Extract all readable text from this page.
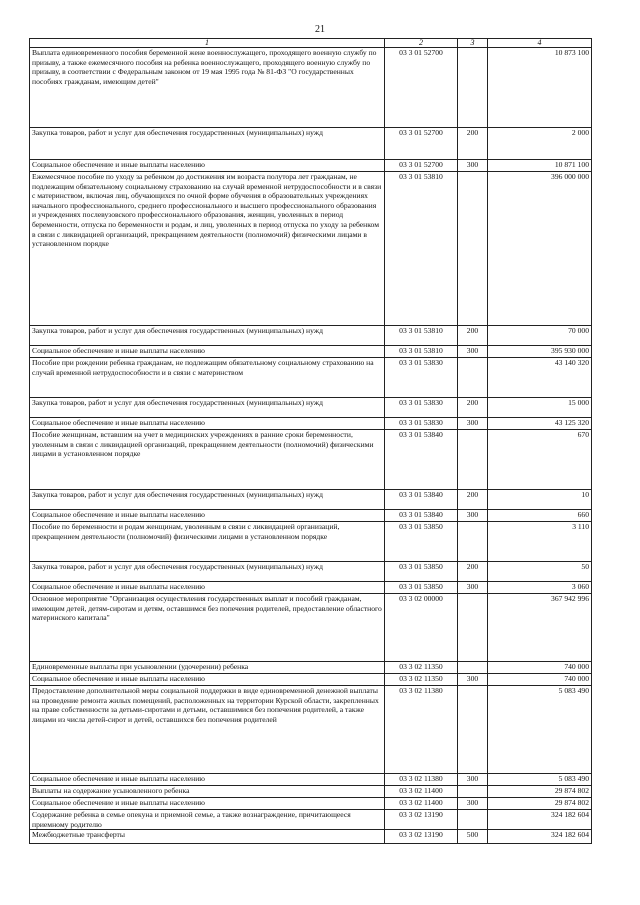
21
1	2	3	4
Выплата единовременного пособия беременной жене военнослужащего, проходящего военную службу по призыву, а также ежемесячного пособия на ребенка военнослужащего, проходящего военную службу по призыву, в соответствии с Федеральным законом от 19 мая 1995 года № 81-ФЗ "О государственных пособиях гражданам, имеющим детей"	03 3 01 52700		10 873 100
Закупка товаров, работ и услуг для обеспечения государственных (муниципальных) нужд	03 3 01 52700	200	2 000
Социальное обеспечение и иные выплаты населению	03 3 01 52700	300	10 871 100
Ежемесячное пособие по уходу за ребенком до достижения им возраста полутора лет гражданам, не подлежащим обязательному социальному страхованию на случай временной нетрудоспособности и в связи с материнством, включая лиц, обучающихся по очной форме обучения в образовательных учреждениях начального профессионального, среднего профессионального и высшего профессионального образования и учреждениях послевузовского профессионального образования, женщин, уволенных в период беременности, отпуска по беременности и родам, и лиц, уволенных в период отпуска по уходу за ребенком в связи с ликвидацией организаций, прекращением деятельности (полномочий) физическими лицами в установленном порядке	03 3 01 53810		396 000 000
Закупка товаров, работ и услуг для обеспечения государственных (муниципальных) нужд	03 3 01 53810	200	70 000
Социальное обеспечение и иные выплаты населению	03 3 01 53810	300	395 930 000
Пособие при рождении ребенка гражданам, не подлежащим обязательному социальному страхованию на случай временной нетрудоспособности и в связи с материнством	03 3 01 53830		43 140 320
Закупка товаров, работ и услуг для обеспечения государственных (муниципальных) нужд	03 3 01 53830	200	15 000
Социальное обеспечение и иные выплаты населению	03 3 01 53830	300	43 125 320
Пособие женщинам, вставшим на учет в медицинских учреждениях в ранние сроки беременности, уволенным в связи с ликвидацией организаций, прекращением деятельности (полномочий) физическими лицами в установленном порядке	03 3 01 53840		670
Закупка товаров, работ и услуг для обеспечения государственных (муниципальных) нужд	03 3 01 53840	200	10
Социальное обеспечение и иные выплаты населению	03 3 01 53840	300	660
Пособие по беременности и родам женщинам, уволенным в связи с ликвидацией организаций, прекращением деятельности (полномочий) физическими лицами в установленном порядке	03 3 01 53850		3 110
Закупка товаров, работ и услуг для обеспечения государственных (муниципальных) нужд	03 3 01 53850	200	50
Социальное обеспечение и иные выплаты населению	03 3 01 53850	300	3 060
Основное мероприятие "Организация осуществления государственных выплат и пособий гражданам, имеющим детей, детям-сиротам и детям, оставшимся без попечения родителей, предоставление областного материнского капитала"	03 3 02 00000		367 942 996
Единовременные выплаты при усыновлении (удочерении) ребенка	03 3 02 11350		740 000
Социальное обеспечение и иные выплаты населению	03 3 02 11350	300	740 000
Предоставление дополнительной меры социальной поддержки в виде единовременной денежной выплаты на проведение ремонта жилых помещений, расположенных на территории Курской области, закрепленных на праве собственности за детьми-сиротами и детьми, оставшимися без попечения родителей, а также лицами из числа детей-сирот и детей, оставшихся без попечения родителей	03 3 02 11380		5 083 490
Социальное обеспечение и иные выплаты населению	03 3 02 11380	300	5 083 490
Выплаты на содержание усыновленного ребенка	03 3 02 11400		29 874 802
Социальное обеспечение и иные выплаты населению	03 3 02 11400	300	29 874 802
Содержание ребенка в семье опекуна и приемной семье, а также вознаграждение, причитающееся приемному родителю	03 3 02 13190		324 182 604
Межбюджетные трансферты	03 3 02 13190	500	324 182 604
